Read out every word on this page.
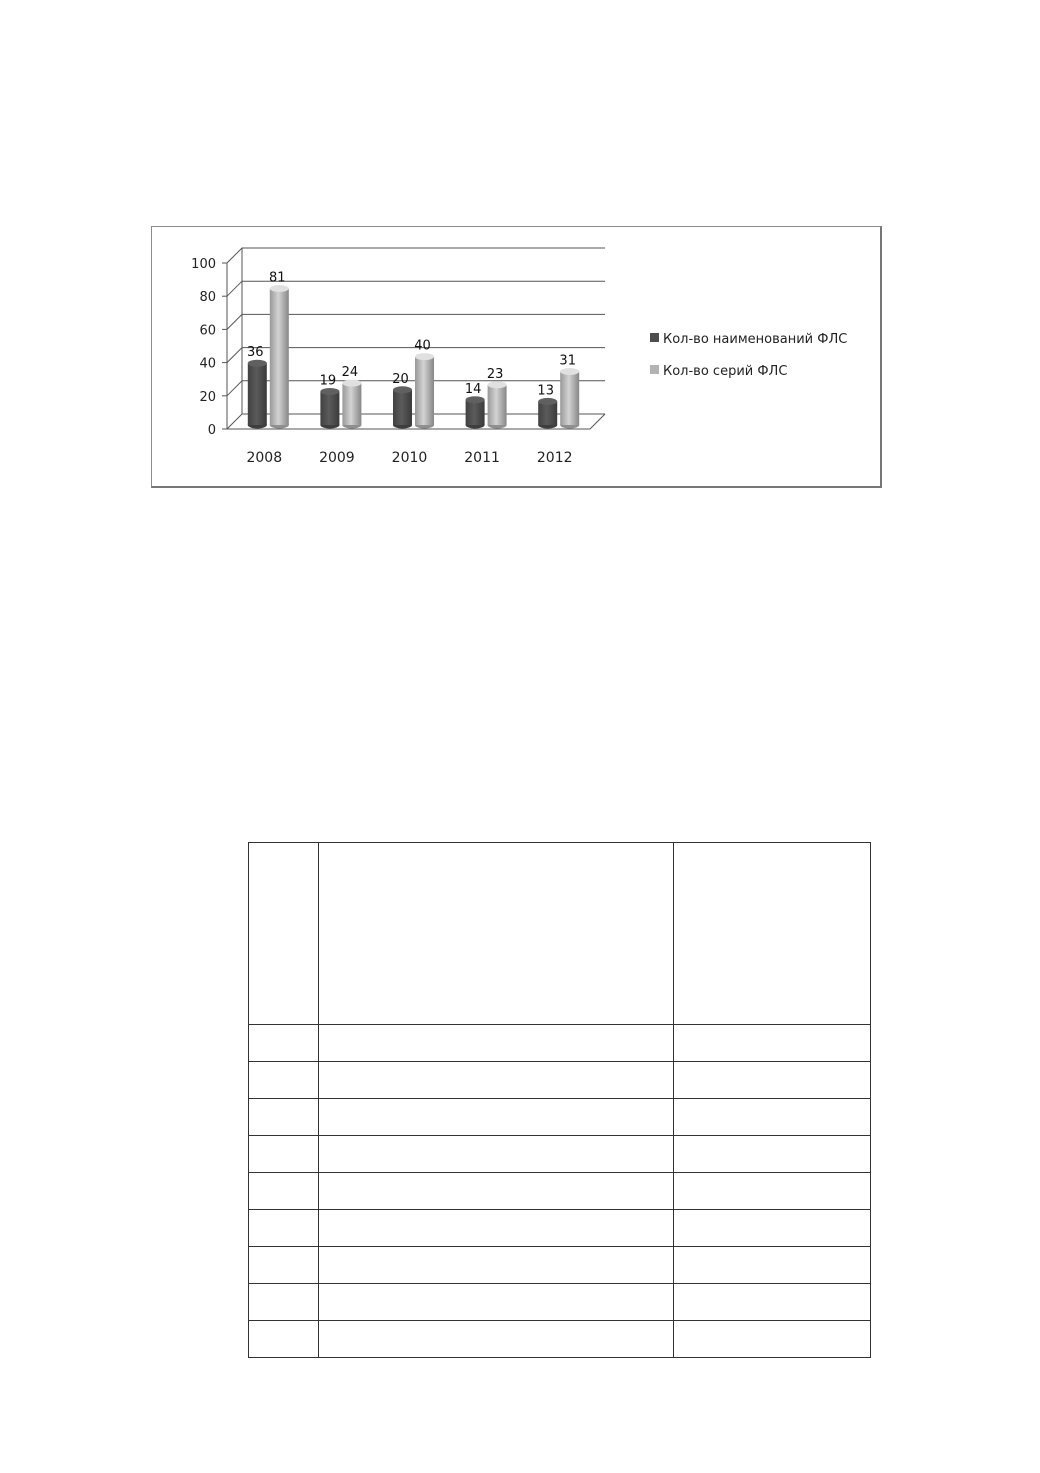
0
20
40
60
80
100
36
81
2008
19
24
2009
20
40
2010
14
23
2011
13
31
2012
Кол-во наименований ФЛС
Кол-во серий ФЛС
